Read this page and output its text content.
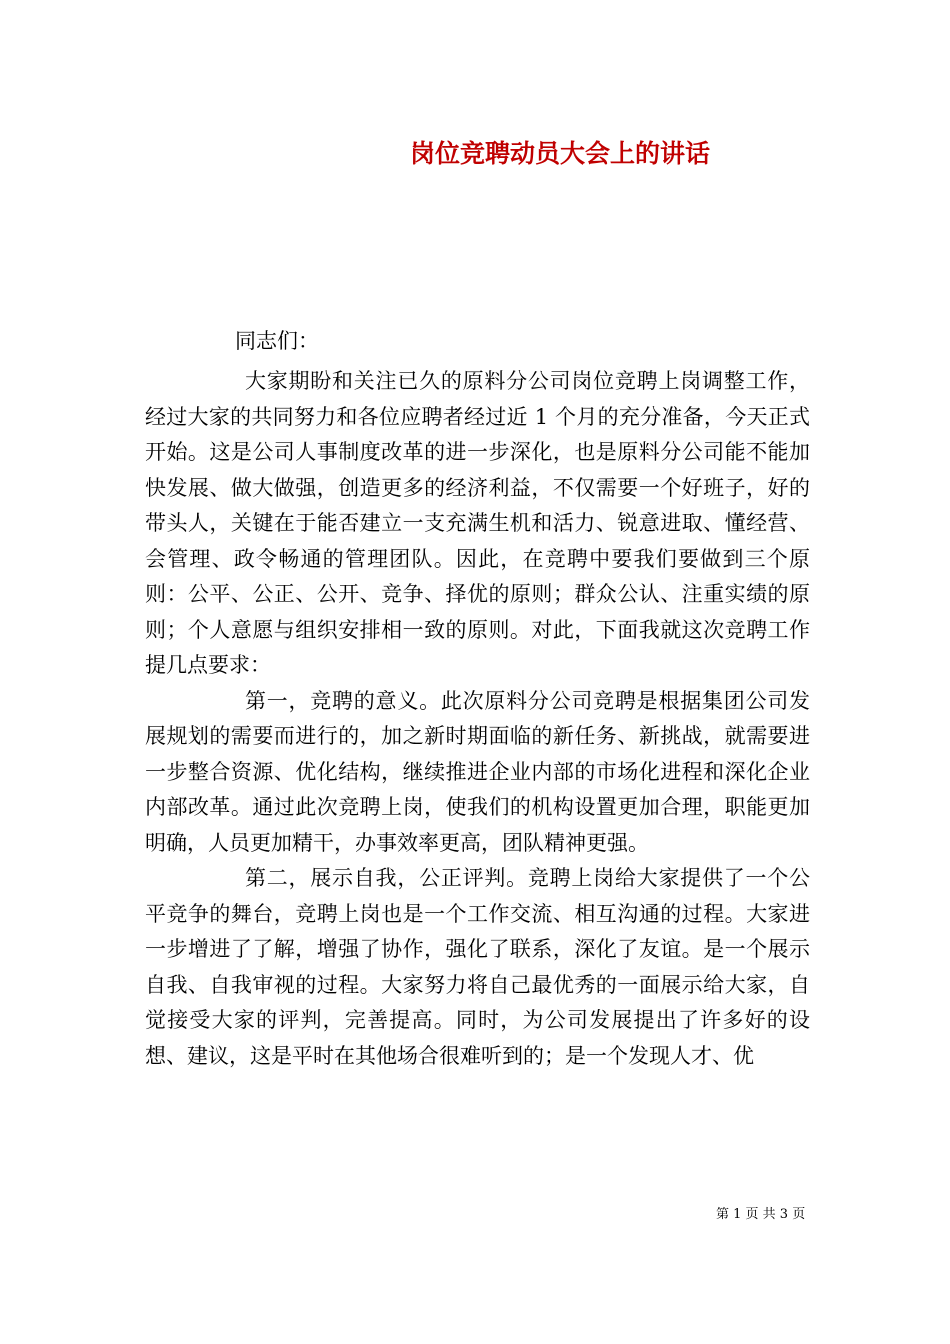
岗位竞聘动员大会上的讲话
同志们：

大家期盼和关注已久的原料分公司岗位竞聘上岗调整工作，经过大家的共同努力和各位应聘者经过近 1 个月的充分准备，今天正式开始。这是公司人事制度改革的进一步深化，也是原料分公司能不能加快发展、做大做强，创造更多的经济利益，不仅需要一个好班子，好的带头人，关键在于能否建立一支充满生机和活力、锐意进取、懂经营、会管理、政令畅通的管理团队。因此，在竞聘中要我们要做到三个原则：公平、公正、公开、竞争、择优的原则；群众公认、注重实绩的原则；个人意愿与组织安排相一致的原则。对此，下面我就这次竞聘工作提几点要求：

第一，竞聘的意义。此次原料分公司竞聘是根据集团公司发展规划的需要而进行的，加之新时期面临的新任务、新挑战，就需要进一步整合资源、优化结构，继续推进企业内部的市场化进程和深化企业内部改革。通过此次竞聘上岗，使我们的机构设置更加合理，职能更加明确，人员更加精干，办事效率更高，团队精神更强。

第二，展示自我，公正评判。竞聘上岗给大家提供了一个公平竞争的舞台，竞聘上岗也是一个工作交流、相互沟通的过程。大家进一步增进了了解，增强了协作，强化了联系，深化了友谊。是一个展示自我、自我审视的过程。大家努力将自己最优秀的一面展示给大家，自觉接受大家的评判，完善提高。同时，为公司发展提出了许多好的设想、建议，这是平时在其他场合很难听到的；是一个发现人才、优

第 1 页 共 3 页
